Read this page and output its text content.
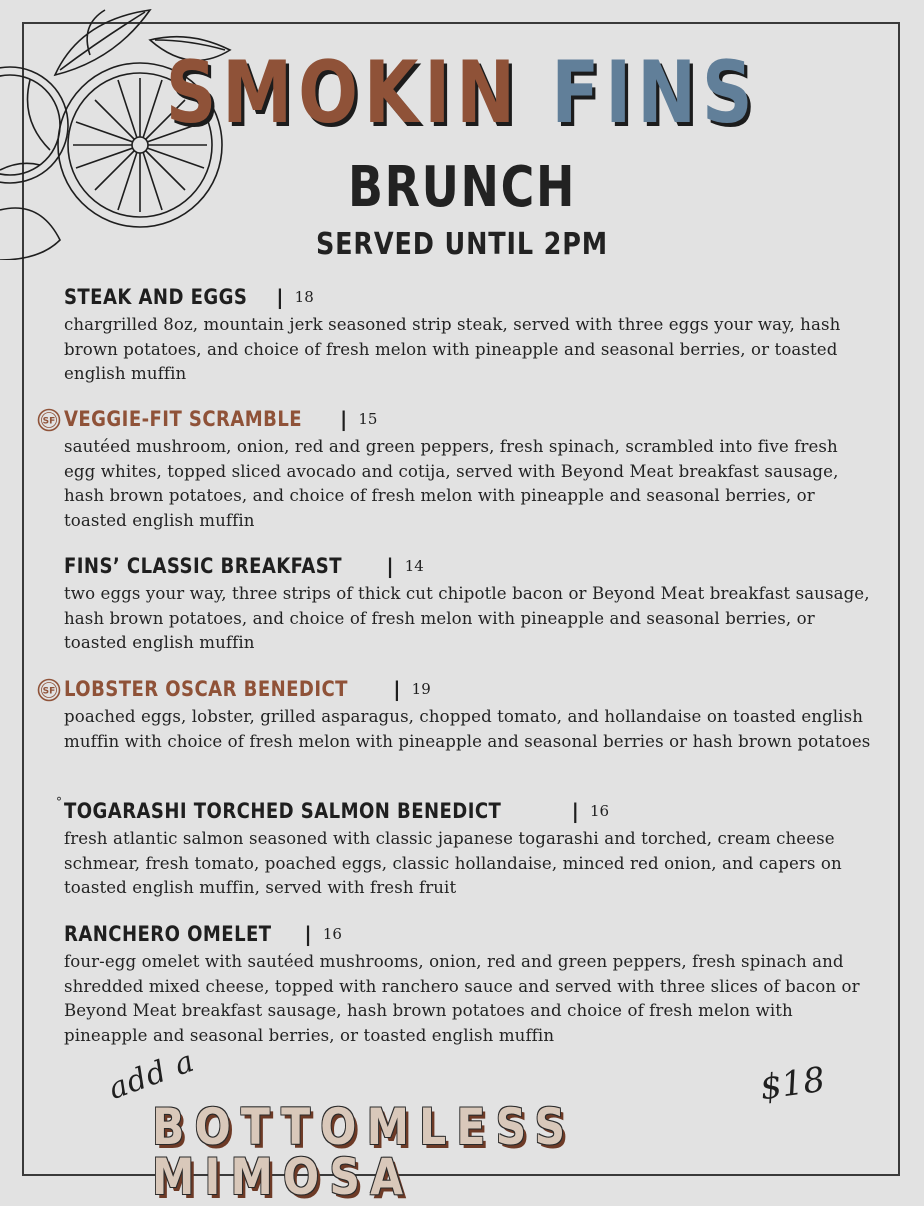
SMOKIN FINS
BRUNCH
SERVED UNTIL 2PM
STEAK AND EGGS | 18
chargrilled 8oz, mountain jerk seasoned strip steak, served with three eggs your way, hash brown potatoes, and choice of fresh melon with pineapple and seasonal berries, or toasted english muffin
SF VEGGIE-FIT SCRAMBLE | 15
sautéed mushroom, onion, red and green peppers, fresh spinach, scrambled into five fresh egg whites, topped sliced avocado and cotija, served with Beyond Meat breakfast sausage, hash brown potatoes, and choice of fresh melon with pineapple and seasonal berries, or toasted english muffin
FINS’ CLASSIC BREAKFAST | 14
two eggs your way, three strips of thick cut chipotle bacon or Beyond Meat breakfast sausage, hash brown potatoes, and choice of fresh melon with pineapple and seasonal berries, or toasted english muffin
SF LOBSTER OSCAR BENEDICT | 19
poached eggs, lobster, grilled asparagus, chopped tomato, and hollandaise on toasted english muffin with choice of fresh melon with pineapple and seasonal berries or hash brown potatoes
° TOGARASHI TORCHED SALMON BENEDICT	| 16
fresh atlantic salmon seasoned with classic japanese togarashi and torched, cream cheese schmear, fresh tomato, poached eggs, classic hollandaise, minced red onion, and capers on toasted english muffin, served with fresh fruit
RANCHERO OMELET | 16
four-egg omelet with sautéed mushrooms, onion, red and green peppers, fresh spinach and shredded mixed cheese, topped with ranchero sauce and served with three slices of bacon or Beyond Meat breakfast sausage, hash brown potatoes and choice of fresh melon with pineapple and seasonal berries, or toasted english muffin
add a
BOTTOMLESS MIMOSA
$18
